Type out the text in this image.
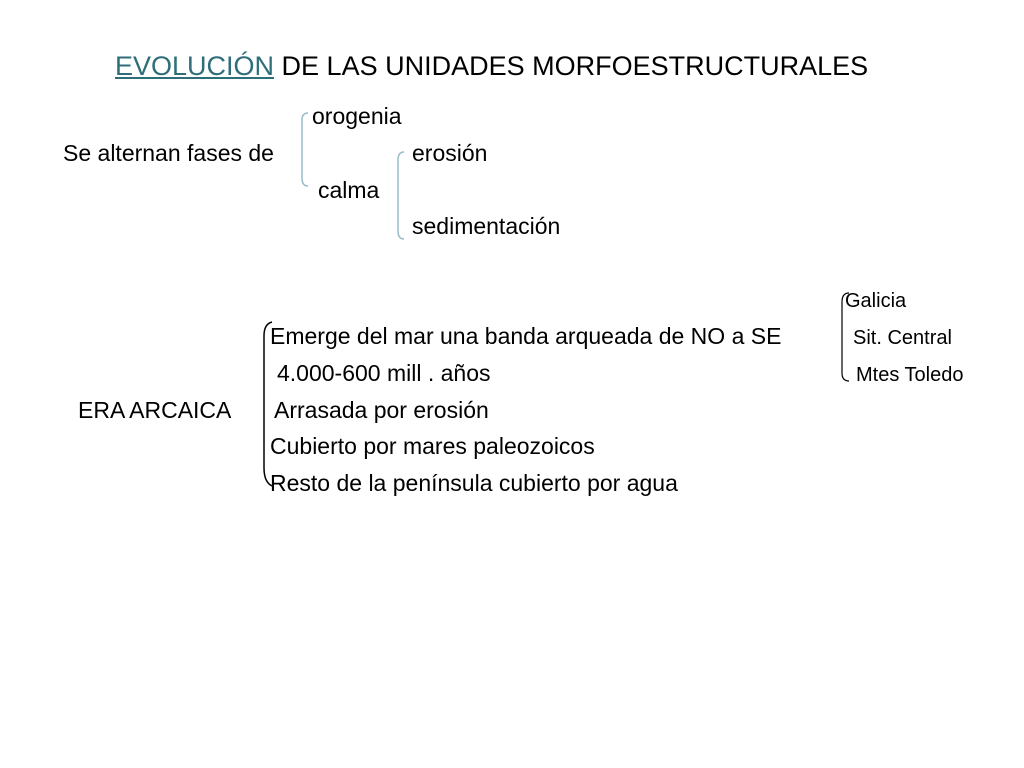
EVOLUCIÓN DE LAS UNIDADES MORFOESTRUCTURALES
orogenia
Se alternan fases de	erosión
calma
sedimentación
Galicia
Emerge del mar una banda arqueada de NO a SE	Sit. Central
4.000-600 mill . años	Mtes Toledo
ERA ARCAICA Arrasada por erosión
Cubierto por mares paleozoicos
Resto de la península cubierto por agua
